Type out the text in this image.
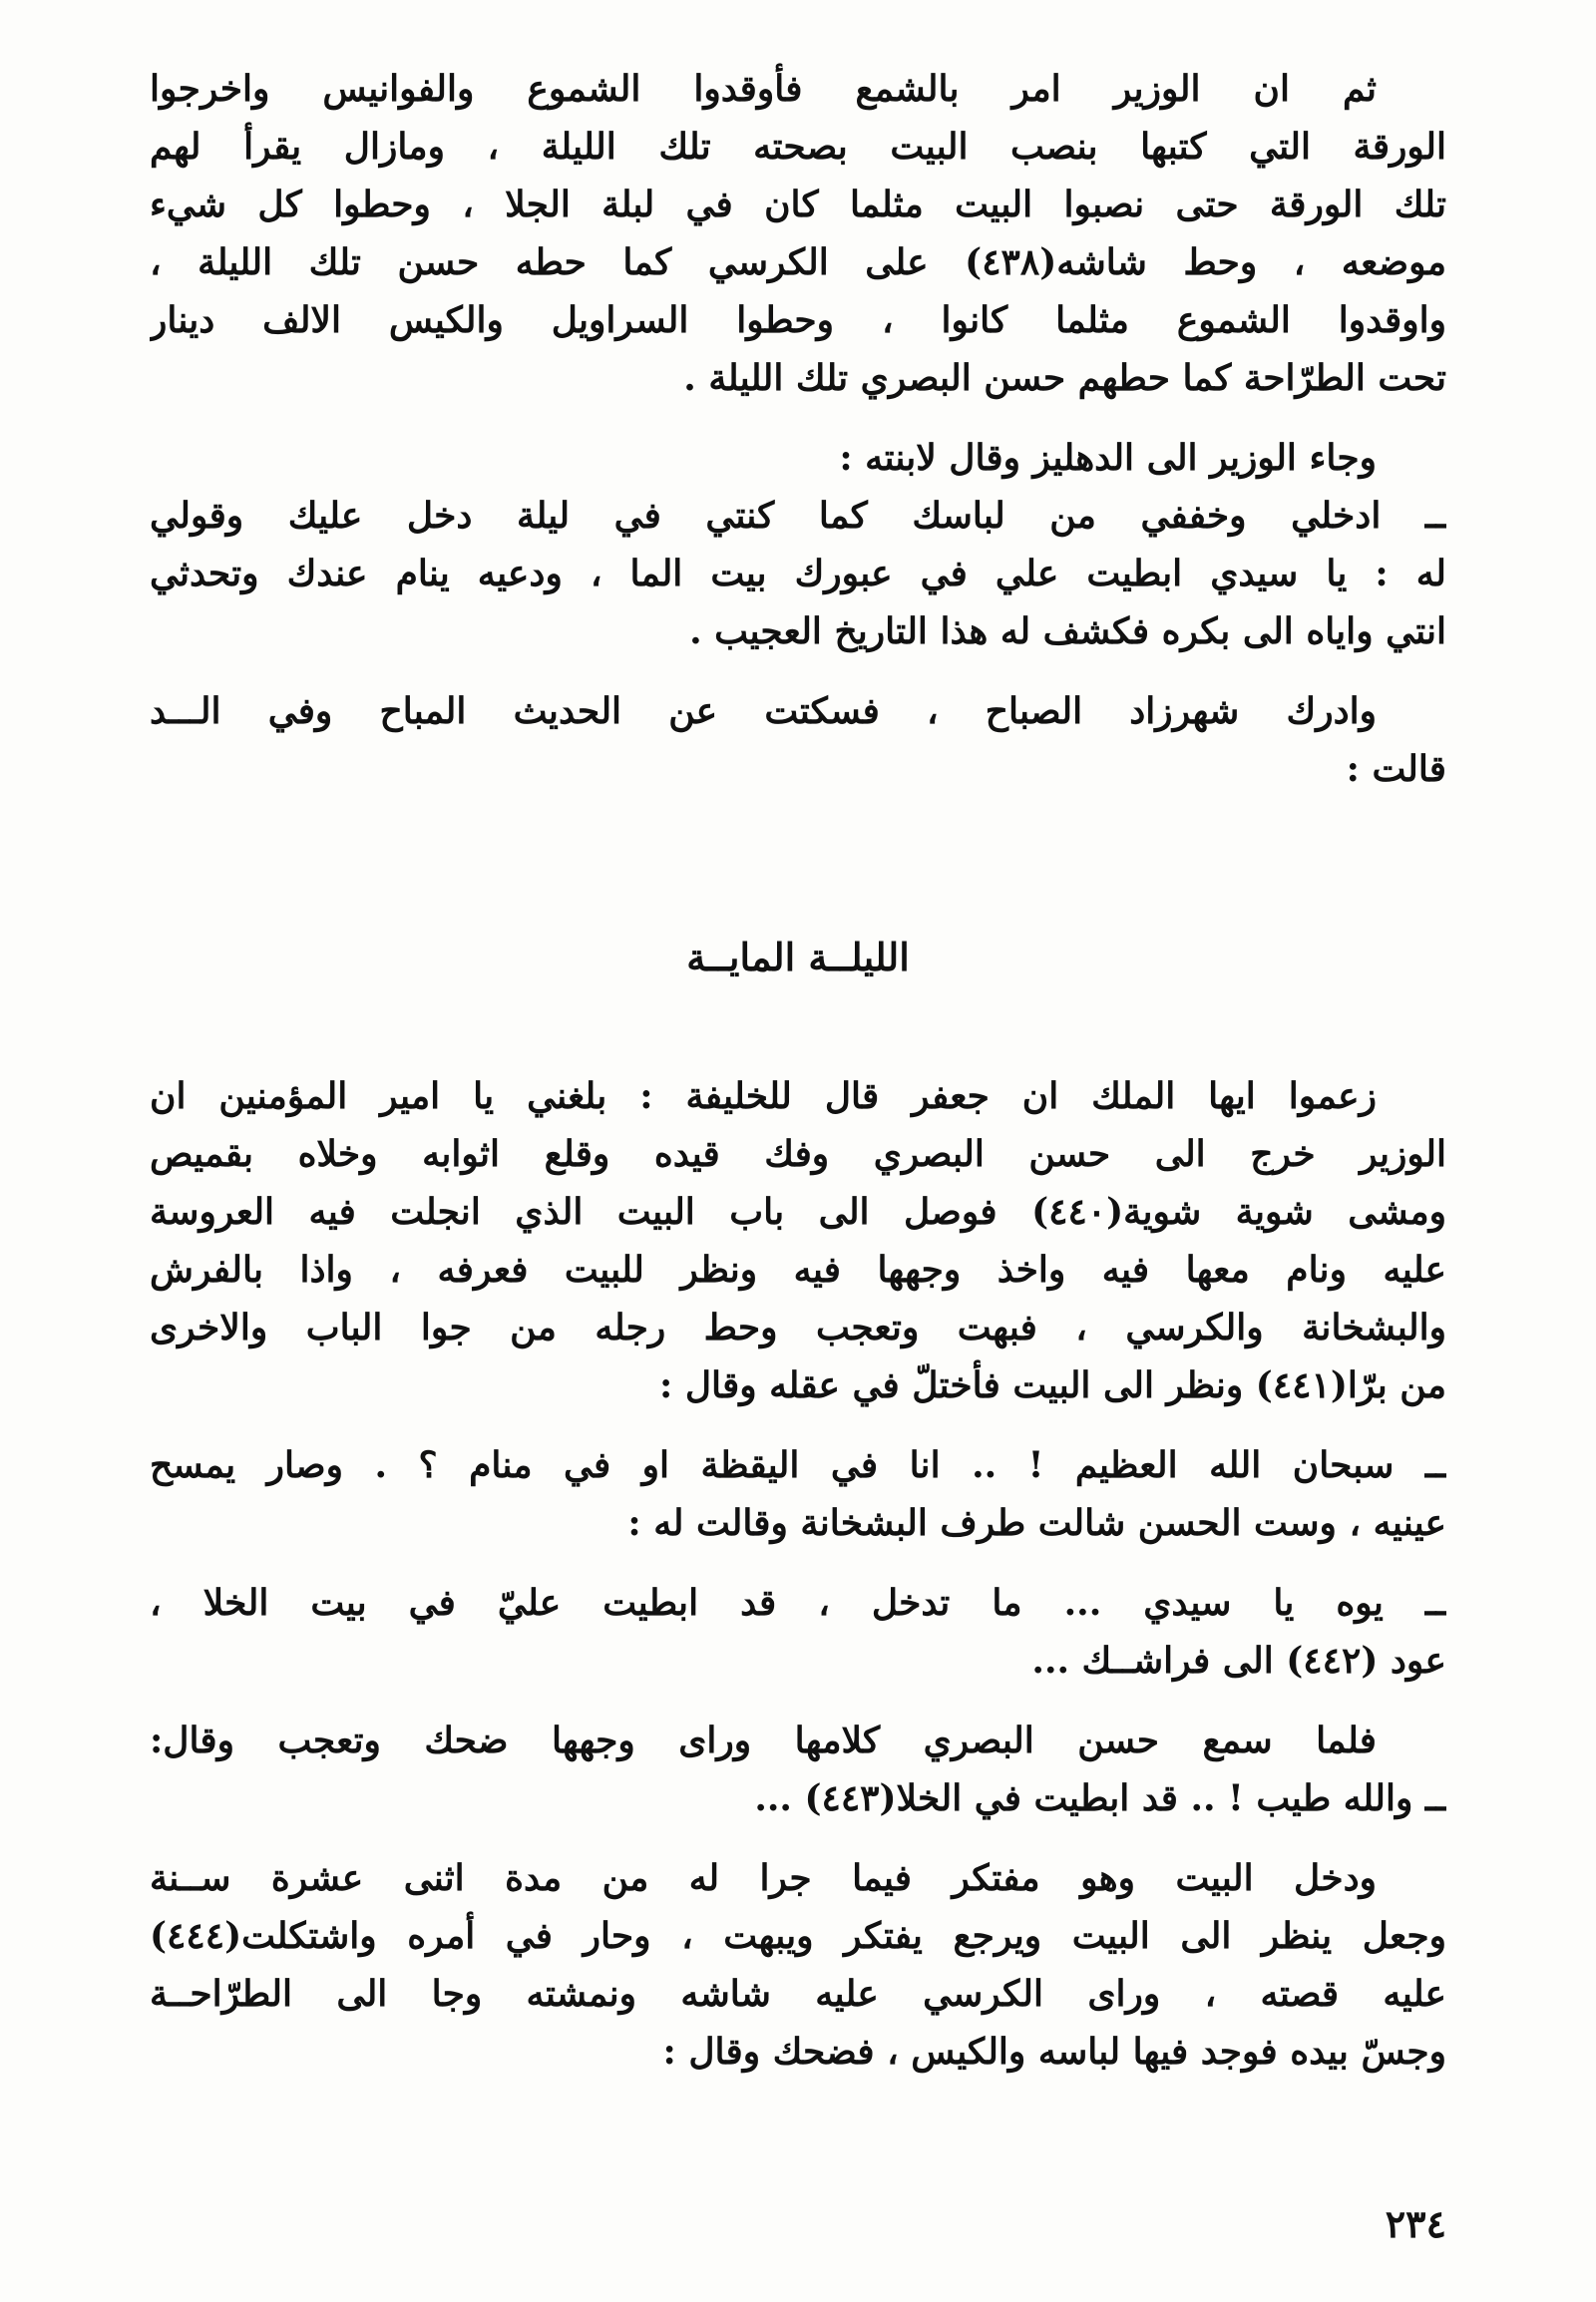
ثم ان الوزير امر بالشمع فأوقدوا الشموع والفوانيس واخرجوا
الورقة التي كتبها بنصب البيت بصحته تلك الليلة ، ومازال يقرأ لهم
تلك الورقة حتى نصبوا البيت مثلما كان في لبلة الجلا ، وحطوا كل شيء
موضعه ، وحط شاشه(٤٣٨) على الكرسي كما حطه حسن تلك الليلة ،
واوقدوا الشموع مثلما كانوا ، وحطوا السراويل والكيس الالف دينار
تحت الطرّاحة كما حطهم حسن البصري تلك الليلة .
وجاء الوزير الى الدهليز وقال لابنته :
ــ ادخلي وخففي من لباسك كما كنتي في ليلة دخل عليك وقولي
له : يا سيدي ابطيت علي في عبورك بيت الما ، ودعيه ينام عندك وتحدثي
انتي واياه الى بكره فكشف له هذا التاريخ العجيب .
وادرك شهرزاد الصباح ، فسكتت عن الحديث المباح وفي الـــد
قالت :
الليلــة المايــة
زعموا ايها الملك ان جعفر قال للخليفة : بلغني يا امير المؤمنين ان
الوزير خرج الى حسن البصري وفك قيده وقلع اثوابه وخلاه بقميص
ومشى شوية شوية(٤٤٠) فوصل الى باب البيت الذي انجلت فيه العروسة
عليه ونام معها فيه واخذ وجهها فيه ونظر للبيت فعرفه ، واذا بالفرش
والبشخانة والكرسي ، فبهت وتعجب وحط رجله من جوا الباب والاخرى
من برّا(٤٤١) ونظر الى البيت فأختلّ في عقله وقال :
ــ سبحان الله العظيم ! .. انا في اليقظة او في منام ؟ . وصار يمسح
عينيه ، وست الحسن شالت طرف البشخانة وقالت له :
ــ يوه يا سيدي ... ما تدخل ، قد ابطيت عليّ في بيت الخلا ،
عود (٤٤٢) الى فراشــك ...
فلما سمع حسن البصري كلامها وراى وجهها ضحك وتعجب وقال:
ــ والله طيب ! .. قد ابطيت في الخلا(٤٤٣) ...
ودخل البيت وهو مفتكر فيما جرا له من مدة اثنى عشرة ســنة
وجعل ينظر الى البيت ويرجع يفتكر ويبهت ، وحار في أمره واشتكلت(٤٤٤)
عليه قصته ، وراى الكرسي عليه شاشه ونمشته وجا الى الطرّاحــة
وجسّ بيده فوجد فيها لباسه والكيس ، فضحك وقال :
٢٣٤
